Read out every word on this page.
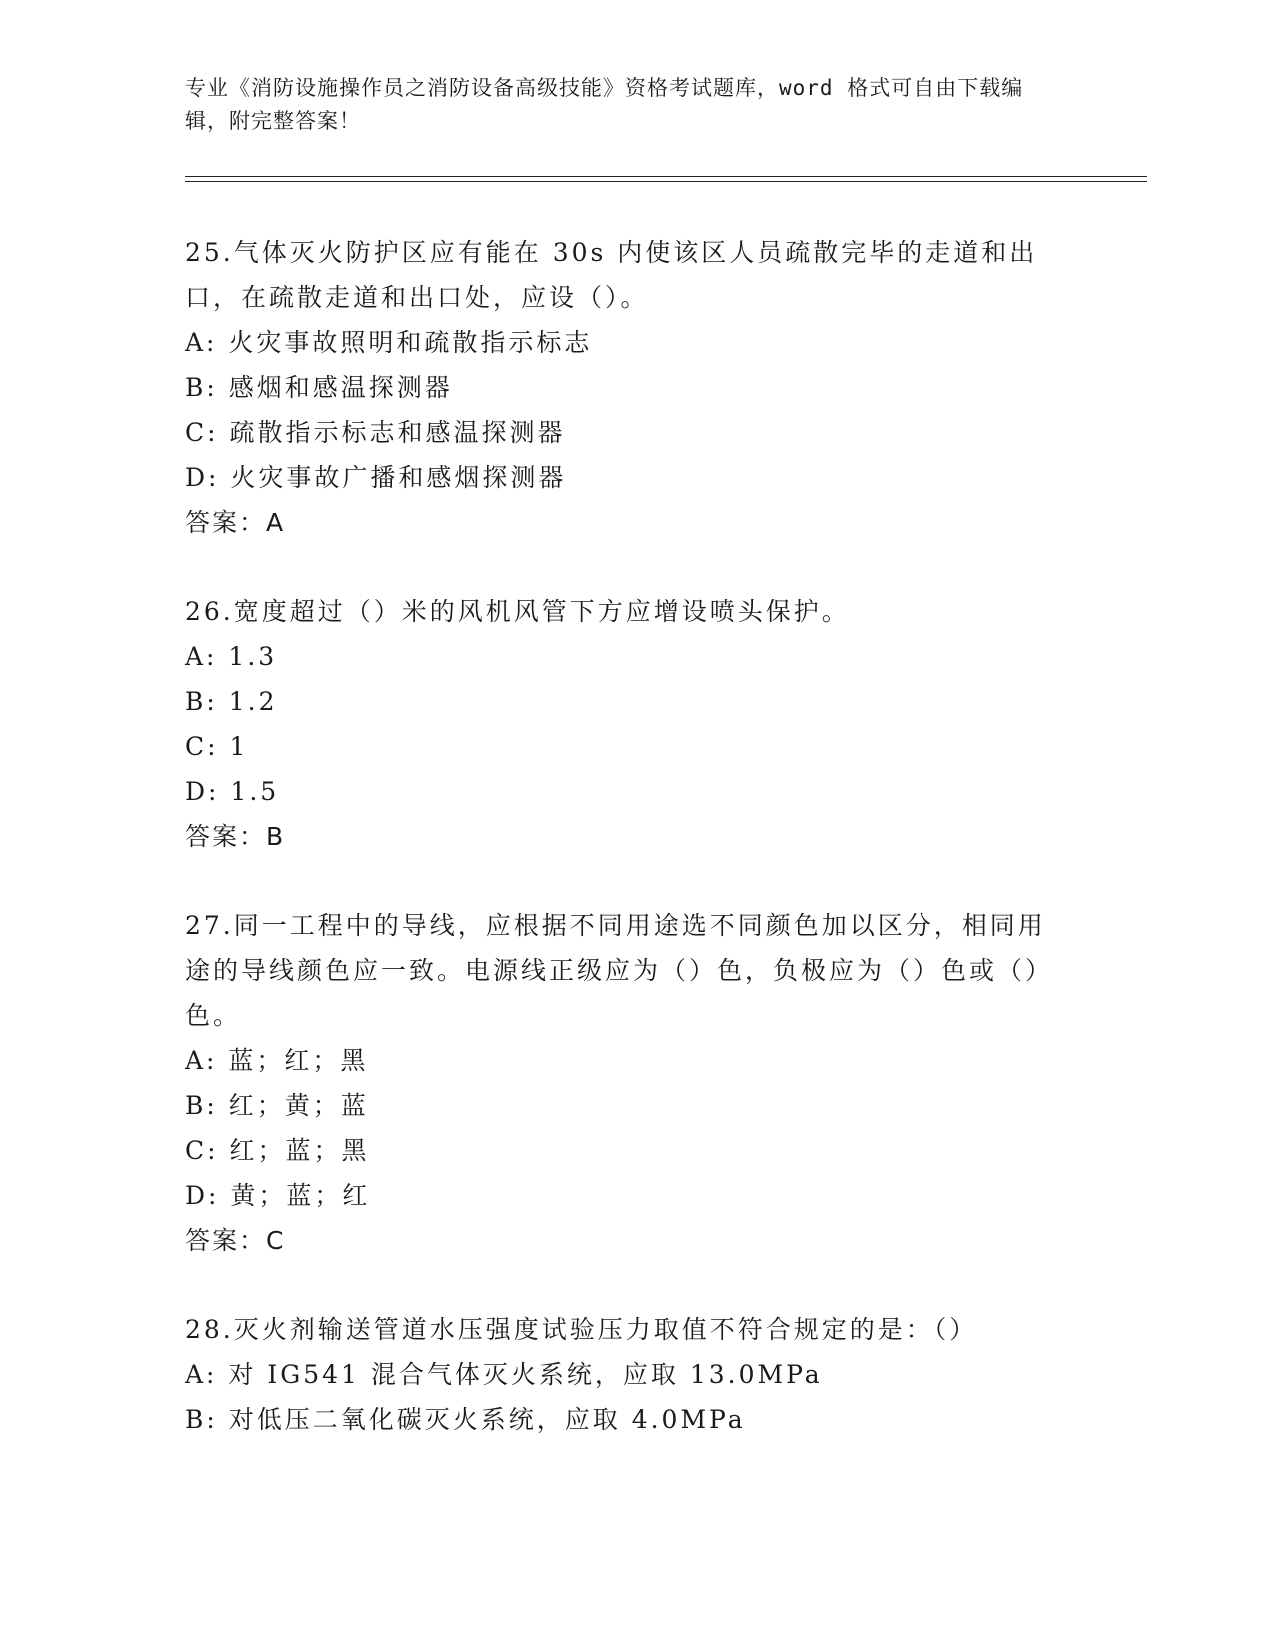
专业《消防设施操作员之消防设备高级技能》资格考试题库，word 格式可自由下载编辑，附完整答案！

25.气体灭火防护区应有能在 30s 内使该区人员疏散完毕的走道和出口，在疏散走道和出口处，应设（）。

A: 火灾事故照明和疏散指示标志

B: 感烟和感温探测器

C: 疏散指示标志和感温探测器

D: 火灾事故广播和感烟探测器

答案：A

26.宽度超过（）米的风机风管下方应增设喷头保护。

A: 1.3

B: 1.2

C: 1

D: 1.5

答案：B

27.同一工程中的导线，应根据不同用途选不同颜色加以区分，相同用途的导线颜色应一致。电源线正级应为（）色，负极应为（）色或（）色。

A: 蓝；红；黑

B: 红；黄；蓝

C: 红；蓝；黑

D: 黄；蓝；红

答案：C

28.灭火剂输送管道水压强度试验压力取值不符合规定的是：（）

A: 对 IG541 混合气体灭火系统，应取 13.0MPa

B: 对低压二氧化碳灭火系统，应取 4.0MPa
